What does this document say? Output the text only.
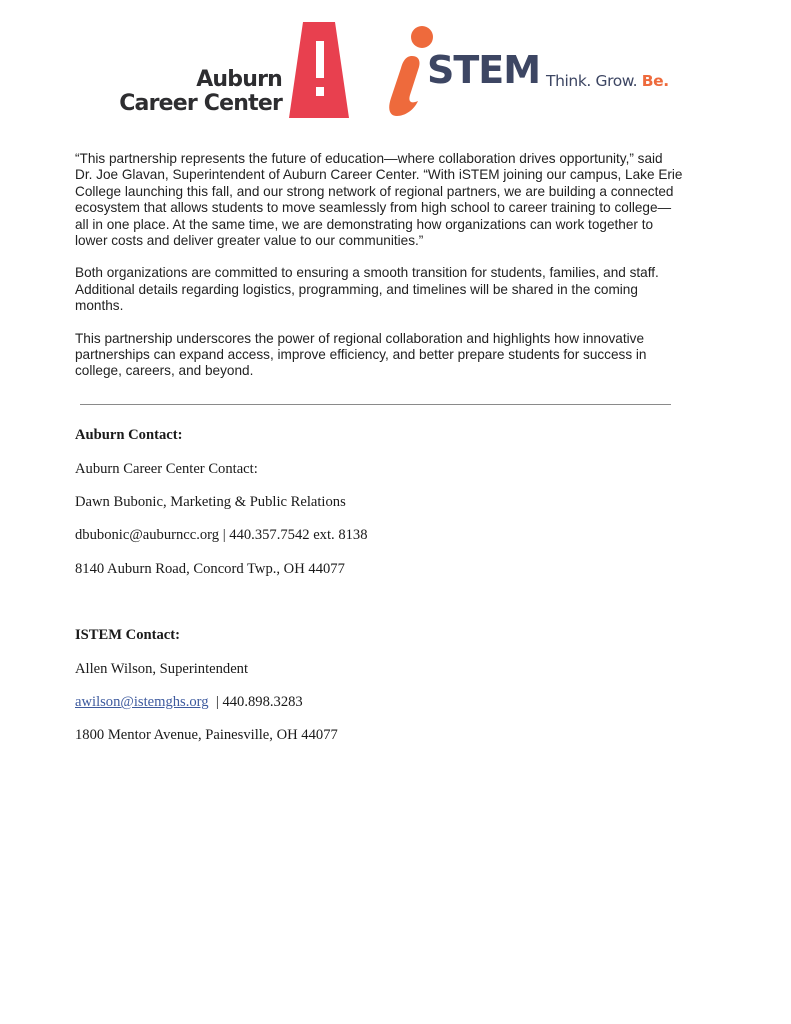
Auburn
Career Center
STEM Think. Grow. Be.

“This partnership represents the future of education—where collaboration drives opportunity,” said Dr. Joe Glavan, Superintendent of Auburn Career Center. “With iSTEM joining our campus, Lake Erie College launching this fall, and our strong network of regional partners, we are building a connected ecosystem that allows students to move seamlessly from high school to career training to college—all in one place. At the same time, we are demonstrating how organizations can work together to lower costs and deliver greater value to our communities.”

Both organizations are committed to ensuring a smooth transition for students, families, and staff. Additional details regarding logistics, programming, and timelines will be shared in the coming months.

This partnership underscores the power of regional collaboration and highlights how innovative partnerships can expand access, improve efficiency, and better prepare students for success in college, careers, and beyond.

Auburn Contact:
Auburn Career Center Contact:
Dawn Bubonic, Marketing & Public Relations
dbubonic@auburncc.org | 440.357.7542 ext. 8138
8140 Auburn Road, Concord Twp., OH 44077
ISTEM Contact:
Allen Wilson, Superintendent
awilson@istemghs.org  | 440.898.3283
1800 Mentor Avenue, Painesville, OH 44077
